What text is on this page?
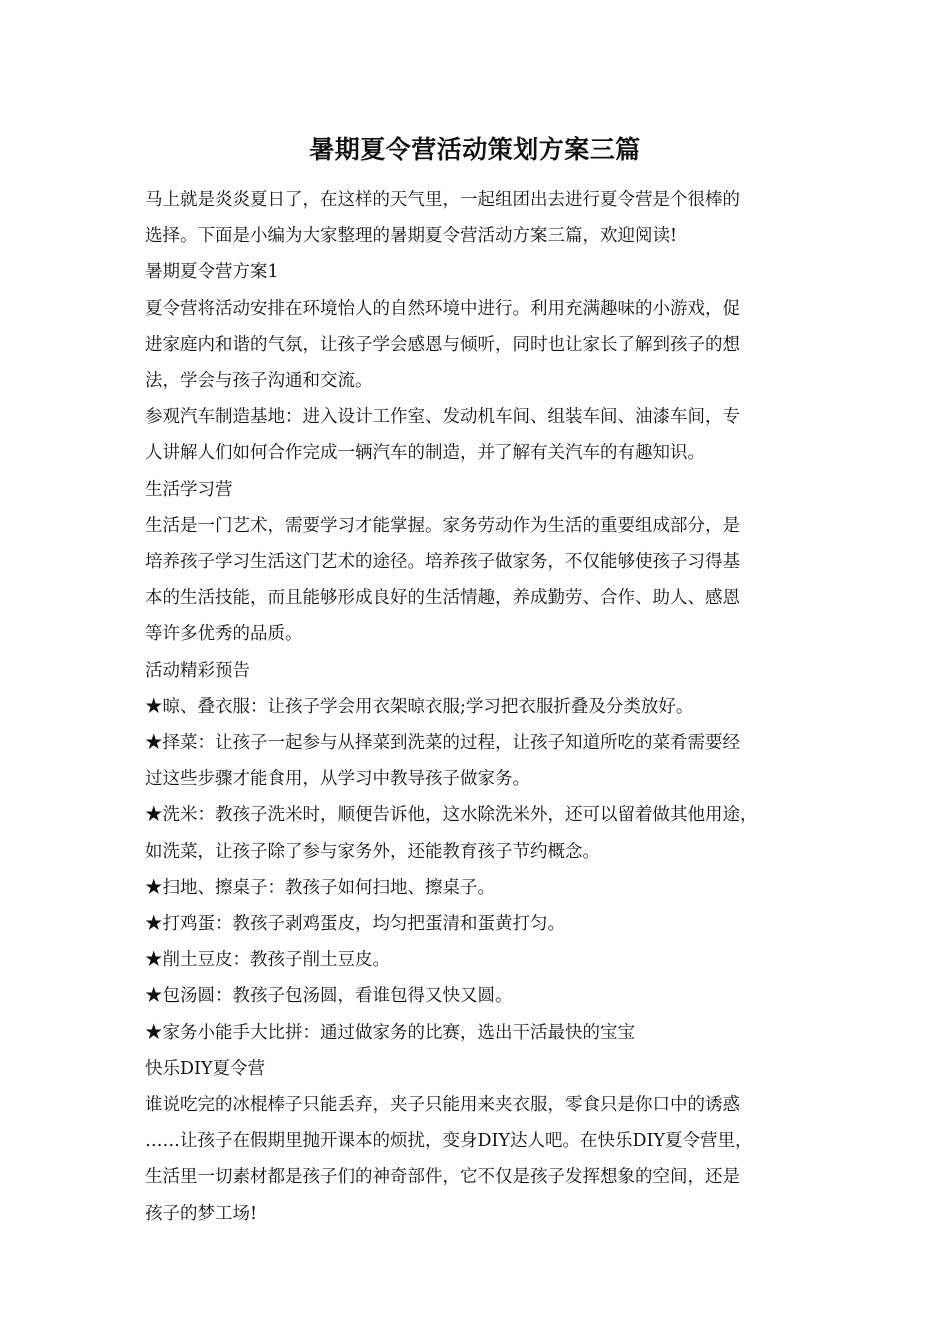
暑期夏令营活动策划方案三篇
马上就是炎炎夏日了，在这样的天气里，一起组团出去进行夏令营是个很棒的
选择。下面是小编为大家整理的暑期夏令营活动方案三篇，欢迎阅读!
暑期夏令营方案1
夏令营将活动安排在环境怡人的自然环境中进行。利用充满趣味的小游戏，促
进家庭内和谐的气氛，让孩子学会感恩与倾听，同时也让家长了解到孩子的想
法，学会与孩子沟通和交流。
参观汽车制造基地：进入设计工作室、发动机车间、组装车间、油漆车间，专
人讲解人们如何合作完成一辆汽车的制造，并了解有关汽车的有趣知识。
生活学习营
生活是一门艺术，需要学习才能掌握。家务劳动作为生活的重要组成部分，是
培养孩子学习生活这门艺术的途径。培养孩子做家务，不仅能够使孩子习得基
本的生活技能，而且能够形成良好的生活情趣，养成勤劳、合作、助人、感恩
等许多优秀的品质。
活动精彩预告
★晾、叠衣服：让孩子学会用衣架晾衣服;学习把衣服折叠及分类放好。
★择菜：让孩子一起参与从择菜到洗菜的过程，让孩子知道所吃的菜肴需要经
过这些步骤才能食用，从学习中教导孩子做家务。
★洗米：教孩子洗米时，顺便告诉他，这水除洗米外，还可以留着做其他用途，
如洗菜，让孩子除了参与家务外，还能教育孩子节约概念。
★扫地、擦桌子：教孩子如何扫地、擦桌子。
★打鸡蛋：教孩子剥鸡蛋皮，均匀把蛋清和蛋黄打匀。
★削土豆皮：教孩子削土豆皮。
★包汤圆：教孩子包汤圆，看谁包得又快又圆。
★家务小能手大比拼：通过做家务的比赛，选出干活最快的宝宝
快乐DIY夏令营
谁说吃完的冰棍棒子只能丢弃，夹子只能用来夹衣服，零食只是你口中的诱惑
……让孩子在假期里抛开课本的烦扰，变身DIY达人吧。在快乐DIY夏令营里，
生活里一切素材都是孩子们的神奇部件，它不仅是孩子发挥想象的空间，还是
孩子的梦工场!
